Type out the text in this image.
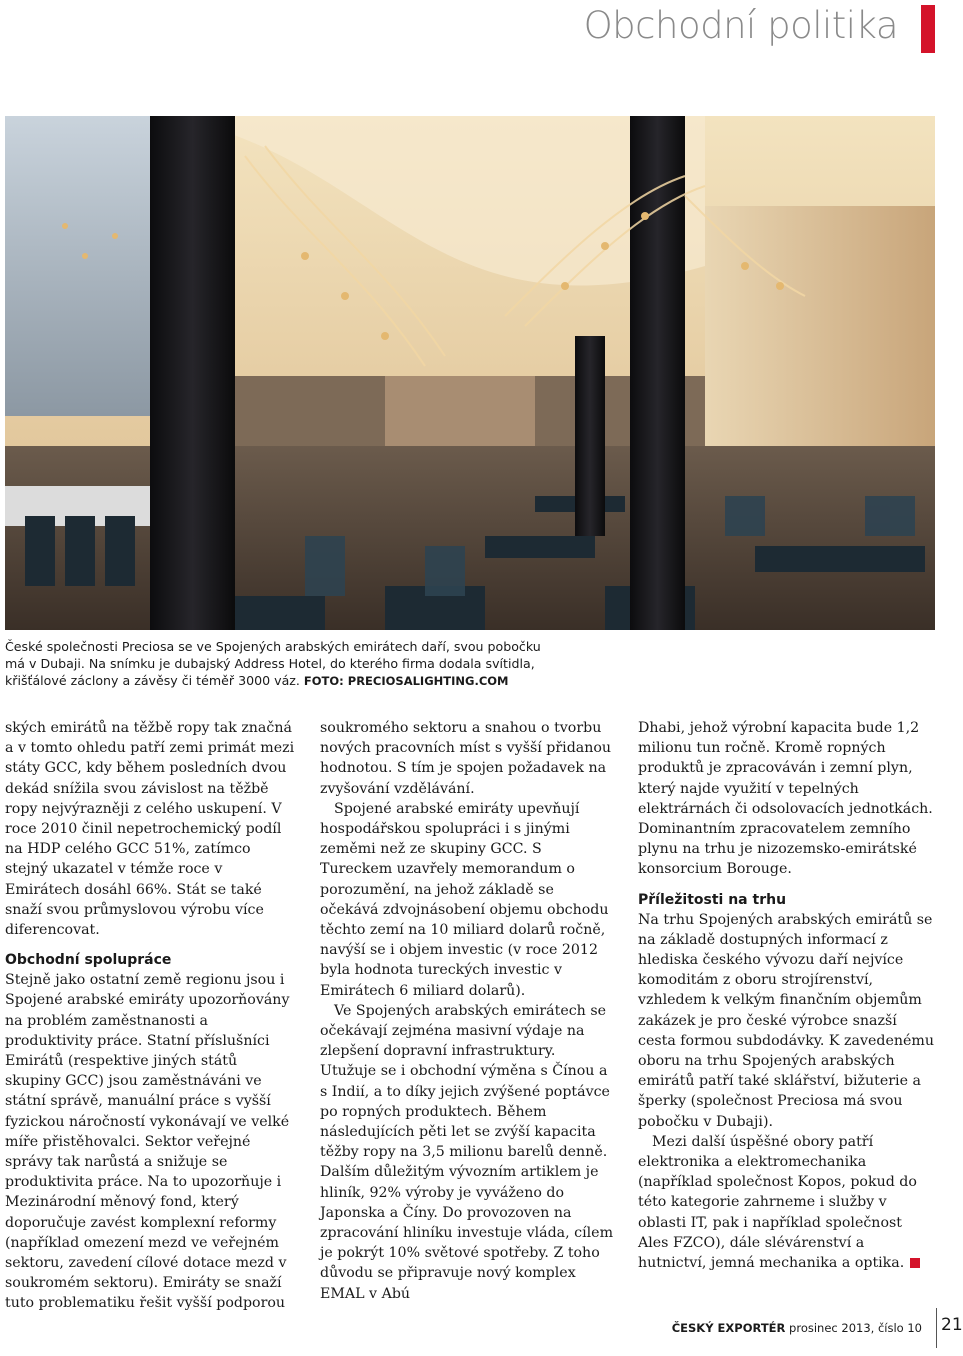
Obchodní politika
České společnosti Preciosa se ve Spojených arabských emirátech daří, svou pobočku má v Dubaji. Na snímku je dubajský Address Hotel, do kterého firma dodala svítidla, křišťálové záclony a závěsy či téměř 3000 váz. FOTO: PRECIOSALIGHTING.COM

ských emirátů na těžbě ropy tak značná a v tomto ohledu patří zemi primát mezi státy GCC, kdy během posledních dvou dekád snížila svou závislost na těžbě ropy nejvýrazněji z celého uskupení. V roce 2010 činil nepetrochemický podíl na HDP celého GCC 51%, zatímco stejný ukazatel v témže roce v Emirátech dosáhl 66%. Stát se také snaží svou průmyslovou výrobu více diferencovat.

Obchodní spolupráce

Stejně jako ostatní země regionu jsou i Spojené arabské emiráty upozorňovány na problém zaměstnanosti a produktivity práce. Statní příslušníci Emirátů (respektive jiných států skupiny GCC) jsou zaměstnáváni ve státní správě, manuální práce s vyšší fyzickou náročností vykonávají ve velké míře přistěhovalci. Sektor veřejné správy tak narůstá a snižuje se produktivita práce. Na to upozorňuje i Mezinárodní měnový fond, který doporučuje zavést komplexní reformy (například omezení mezd ve veřejném sektoru, zavedení cílové dotace mezd v soukromém sektoru). Emiráty se snaží tuto problematiku řešit vyšší podporou

soukromého sektoru a snahou o tvorbu nových pracovních míst s vyšší přidanou hodnotou. S tím je spojen požadavek na zvyšování vzdělávání.

Spojené arabské emiráty upevňují hospodářskou spolupráci i s jinými zeměmi než ze skupiny GCC. S Tureckem uzavřely memorandum o porozumění, na jehož základě se očekává zdvojnásobení objemu obchodu těchto zemí na 10 miliard dolarů ročně, navýší se i objem investic (v roce 2012 byla hodnota tureckých investic v Emirátech 6 miliard dolarů).

Ve Spojených arabských emirátech se očekávají zejména masivní výdaje na zlepšení dopravní infrastruktury. Utužuje se i obchodní výměna s Čínou a s Indií, a to díky jejich zvýšené poptávce po ropných produktech. Během následujících pěti let se zvýší kapacita těžby ropy na 3,5 milionu barelů denně. Dalším důležitým vývozním artiklem je hliník, 92% výroby je vyváženo do Japonska a Číny. Do provozoven na zpracování hliníku investuje vláda, cílem je pokrýt 10% světové spotřeby. Z toho důvodu se připravuje nový komplex EMAL v Abú

Dhabi, jehož výrobní kapacita bude 1,2 milionu tun ročně. Kromě ropných produktů je zpracováván i zemní plyn, který najde využití v tepelných elektrárnách či odsolovacích jednotkách. Dominantním zpracovatelem zemního plynu na trhu je nizozemsko-emirátské konsorcium Borouge.

Příležitosti na trhu

Na trhu Spojených arabských emirátů se na základě dostupných informací z hlediska českého vývozu daří nejvíce komoditám z oboru strojírenství, vzhledem k velkým finančním objemům zakázek je pro české výrobce snazší cesta formou subdodávky. K zavedenému oboru na trhu Spojených arabských emirátů patří také sklářství, bižuterie a šperky (společnost Preciosa má svou pobočku v Dubaji).

Mezi další úspěšné obory patří elektronika a elektromechanika (například společnost Kopos, pokud do této kategorie zahrneme i služby v oblasti IT, pak i například společnost Ales FZCO), dále slévárenství a hutnictví, jemná mechanika a optika.

ČESKÝ EXPORTÉR prosinec 2013, číslo 10 21
